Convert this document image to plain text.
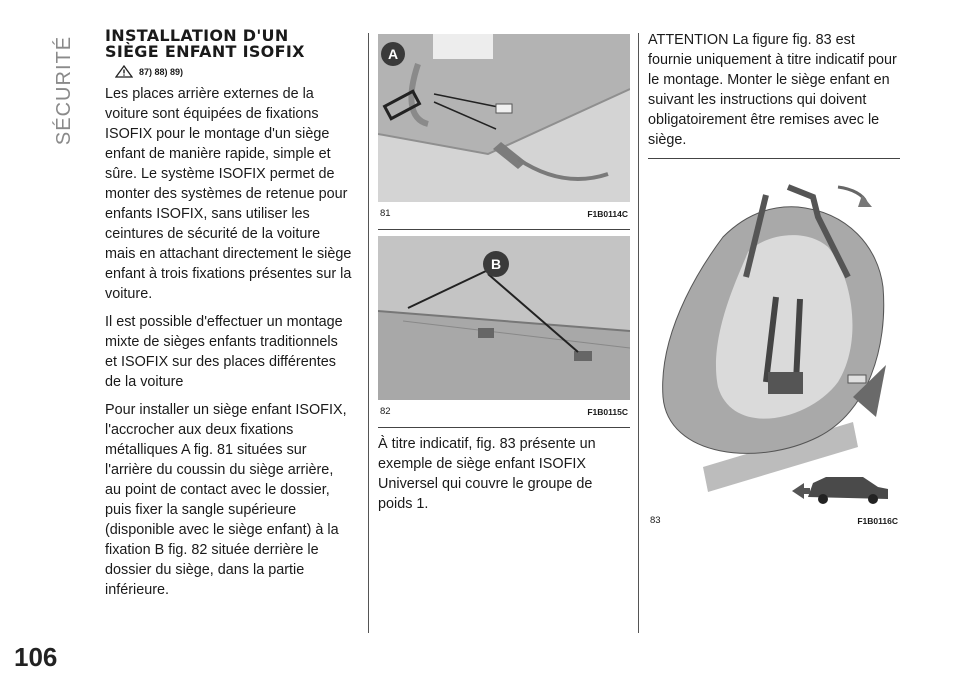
SÉCURITÉ INSTALLATION D'UN
SIÈGE ENFANT ISOFIX
87) 88) 89)

Les places arrière externes de la voiture sont équipées de fixations ISOFIX pour le montage d'un siège enfant de manière rapide, simple et sûre. Le système ISOFIX permet de monter des systèmes de retenue pour enfants ISOFIX, sans utiliser les ceintures de sécurité de la voiture mais en attachant directement le siège enfant à trois fixations présentes sur la voiture.

Il est possible d'effectuer un montage mixte de sièges enfants traditionnels et ISOFIX sur des places différentes de la voiture

Pour installer un siège enfant ISOFIX, l'accrocher aux deux fixations métalliques A fig. 81 situées sur l'arrière du coussin du siège arrière, au point de contact avec le dossier, puis fixer la sangle supérieure (disponible avec le siège enfant) à la fixation B fig. 82 située derrière le dossier du siège, dans la partie inférieure.

A
81	F1B0114C
B
82	F1B0115C

À titre indicatif, fig. 83 présente un exemple de siège enfant ISOFIX Universel qui couvre le groupe de poids 1.

ATTENTION La figure fig. 83 est fournie uniquement à titre indicatif pour le montage. Monter le siège enfant en suivant les instructions qui doivent obligatoirement être remises avec le siège.

83	F1B0116C
106
